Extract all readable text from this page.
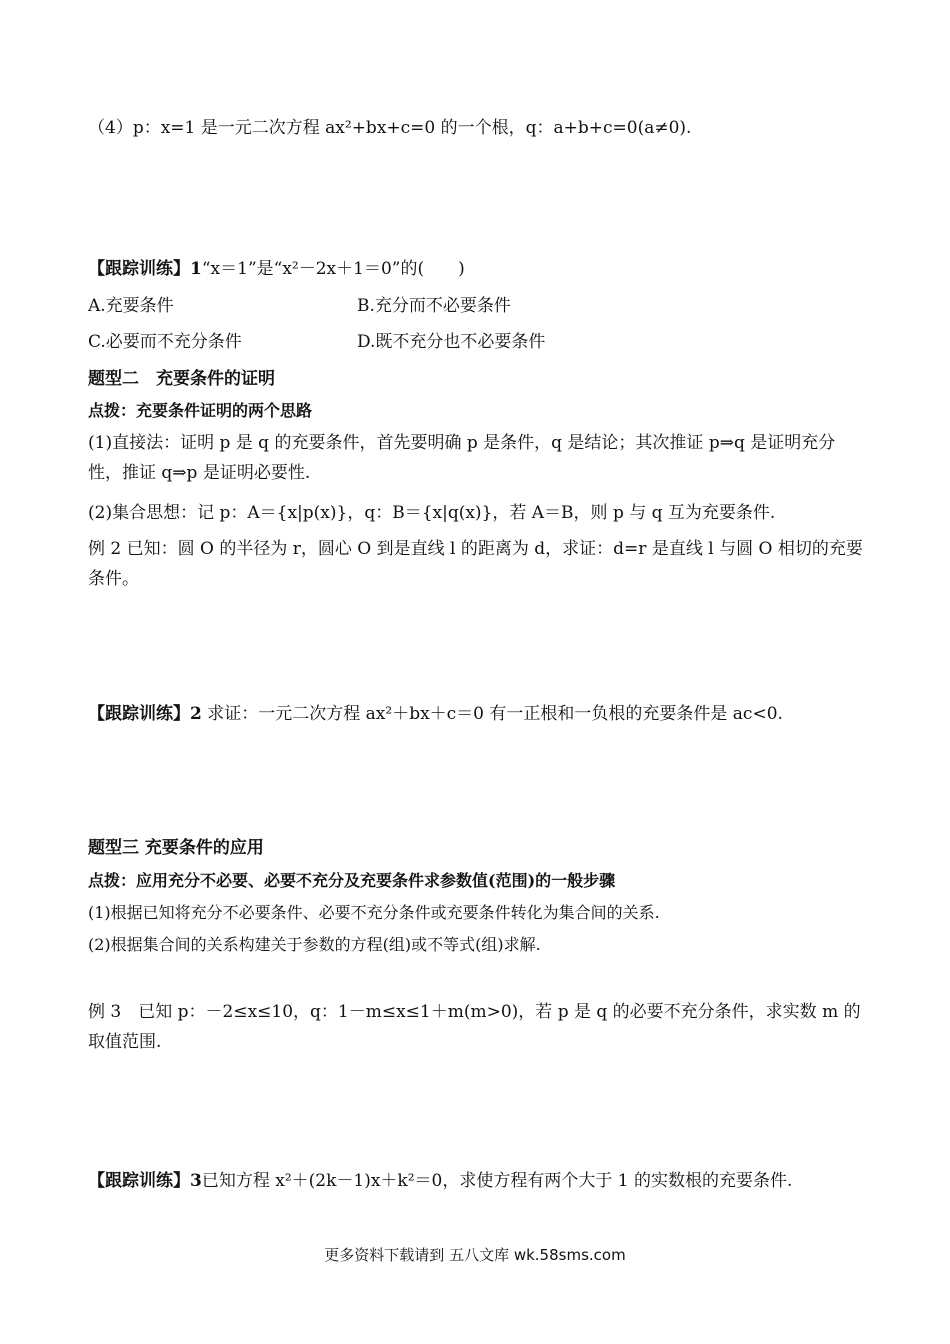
（4）p：x=1 是一元二次方程 ax²+bx+c=0 的一个根，q：a+b+c=0(a≠0).
【跟踪训练】1“x＝1”是“x²－2x＋1＝0”的(　　)
A.充要条件	B.充分而不必要条件
C.必要而不充分条件	D.既不充分也不必要条件
题型二　充要条件的证明
点拨：充要条件证明的两个思路
(1)直接法：证明 p 是 q 的充要条件，首先要明确 p 是条件，q 是结论；其次推证 p⇒q 是证明充分性，推证 q⇒p 是证明必要性.
(2)集合思想：记 p：A＝{x|p(x)}，q：B＝{x|q(x)}，若 A＝B，则 p 与 q 互为充要条件.
例 2 已知：圆 O 的半径为 r，圆心 O 到是直线 l 的距离为 d，求证：d=r 是直线 l 与圆 O 相切的充要条件。
【跟踪训练】2 求证：一元二次方程 ax²＋bx＋c＝0 有一正根和一负根的充要条件是 ac<0.
题型三 充要条件的应用
点拨：应用充分不必要、必要不充分及充要条件求参数值(范围)的一般步骤
(1)根据已知将充分不必要条件、必要不充分条件或充要条件转化为集合间的关系.
(2)根据集合间的关系构建关于参数的方程(组)或不等式(组)求解.
例 3　已知 p：－2≤x≤10，q：1－m≤x≤1＋m(m>0)，若 p 是 q 的必要不充分条件，求实数 m 的取值范围.
【跟踪训练】3已知方程 x²＋(2k－1)x＋k²＝0，求使方程有两个大于 1 的实数根的充要条件.
更多资料下载请到 五八文库 wk.58sms.com
